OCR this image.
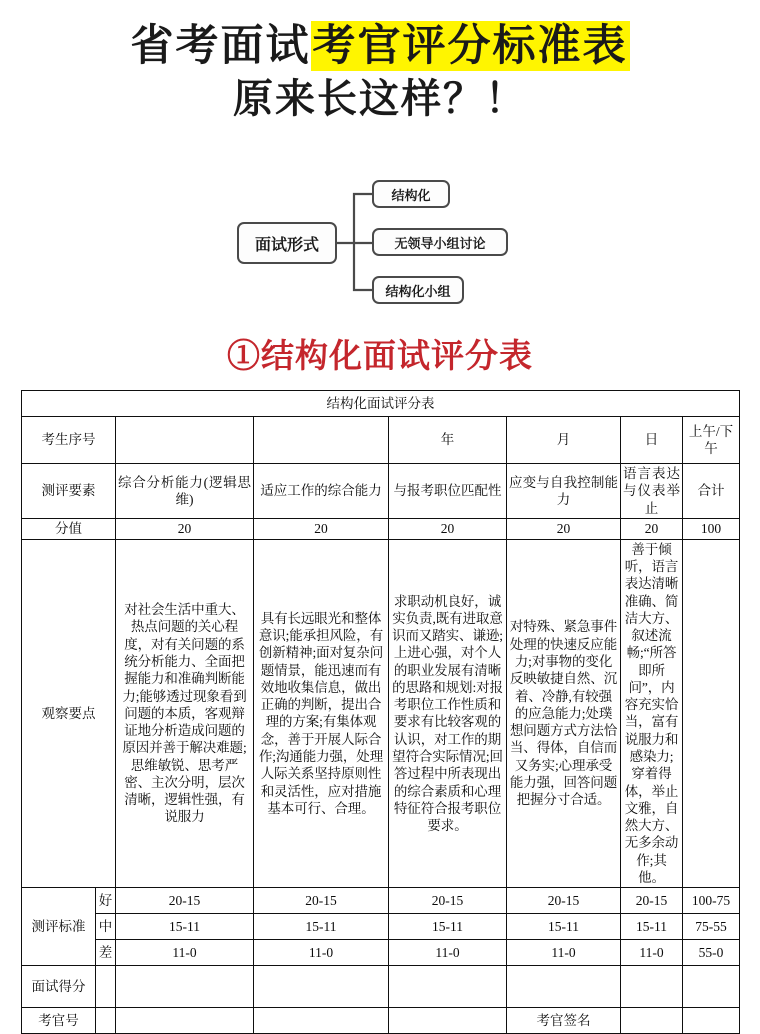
省考面试考官评分标准表
原来长这样？！
面试形式
结构化
无领导小组讨论
结构化小组
①结构化面试评分表
结构化面试评分表							
考生序号				年	月	日	上午/下午
测评要素		综合分析能力(逻辑思维)	适应工作的综合能力	与报考职位匹配性	应变与自我控制能力	语言表达与仪表举止	合计
分值		20	20	20	20	20	100
观察要点		对社会生活中重大、热点问题的关心程度，对有关问题的系统分析能力、全面把握能力和准确判断能力;能够透过现象看到问题的本质，客观辩证地分析造成问题的原因并善于解决难题;思维敏锐、思考严密、主次分明，层次清晰，逻辑性强，有说服力	具有长远眼光和整体意识;能承担风险，有创新精神;面对复杂问题情景，能迅速而有效地收集信息，做出正确的判断，提出合理的方案;有集体观念，善于开展人际合作;沟通能力强，处理人际关系坚持原则性和灵活性，应对措施基本可行、合理。	求职动机良好，诚实负责,既有进取意识而又踏实、谦逊;上进心强，对个人的职业发展有清晰的思路和规划:对报考职位工作性质和要求有比较客观的认识，对工作的期望符合实际情况;回答过程中所表现出的综合素质和心理特征符合报考职位要求。	对特殊、紧急事件处理的快速反应能力;对事物的变化反映敏捷自然、沉着、冷静,有较强的应急能力;处璞想问题方式方法恰当、得体，自信而又务实;心理承受能力强，回答问题把握分寸合适。	善于倾听，语言表达清晰准确、简洁大方、叙述流畅;“所答即所问”，内容充实恰当，富有说服力和感染力;穿着得体，举止文雅，自然大方、无多余动作;其他。	
测评标准	好	20-15	20-15	20-15	20-15	20-15	100-75
	中	15-11	15-11	15-11	15-11	15-11	75-55
	差	11-0	11-0	11-0	11-0	11-0	55-0
面试得分							
考官号					考官签名		
